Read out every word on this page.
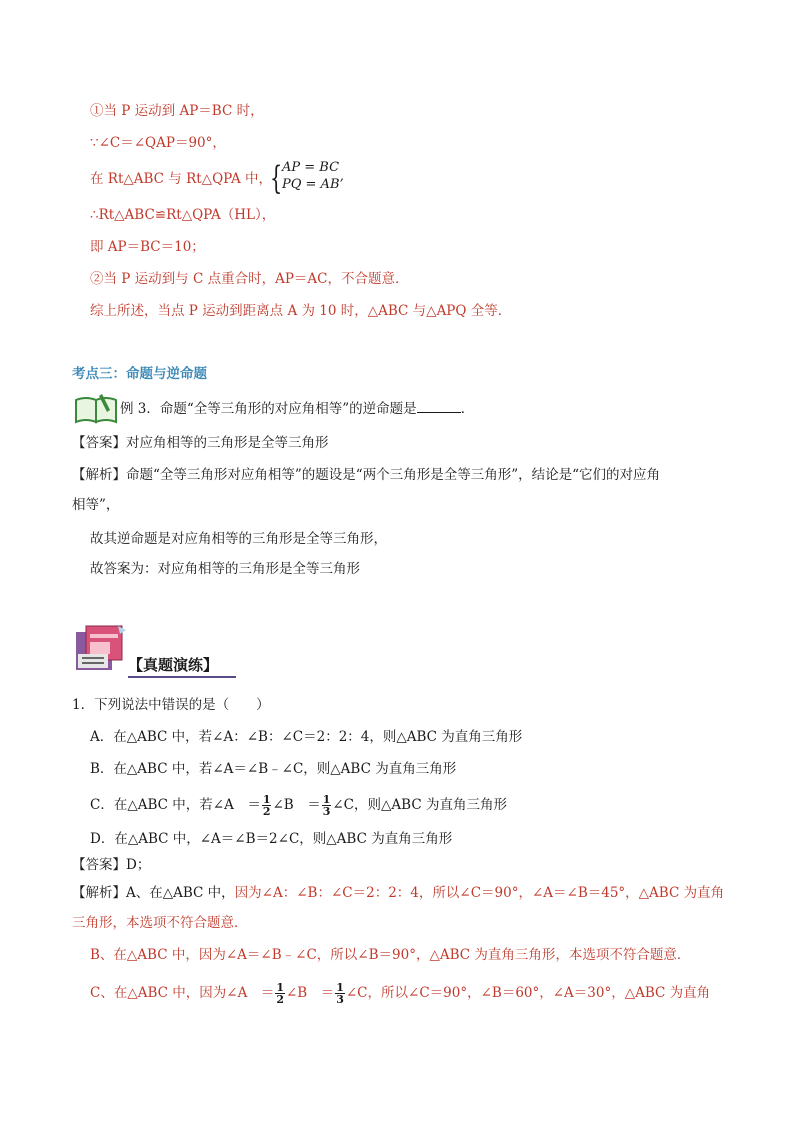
①当 P 运动到 AP＝BC 时，
∵∠C＝∠QAP＝90°，
在 Rt△ABC 与 Rt△QPA 中，
{ AP = BC
PQ = AB’
∴Rt△ABC≌Rt△QPA（HL），
即 AP＝BC＝10；
②当 P 运动到与 C 点重合时，AP＝AC，不合题意．
综上所述，当点 P 运动到距离点 A 为 10 时，△ABC 与△APQ 全等．
考点三：命题与逆命题
例 3．命题“全等三角形的对应角相等”的逆命题是	．
【答案】对应角相等的三角形是全等三角形
【解析】命题“全等三角形对应角相等”的题设是“两个三角形是全等三角形”，结论是“它们的对应角
相等”，
故其逆命题是对应角相等的三角形是全等三角形，
故答案为：对应角相等的三角形是全等三角形
【真题演练】
1．下列说法中错误的是（　　）
A．在△ABC 中，若∠A：∠B：∠C＝2：2：4，则△ABC 为直角三角形
B．在△ABC 中，若∠A＝∠B﹣∠C，则△ABC 为直角三角形
C．在△ABC 中，若∠A　＝ $\frac{1}{2}$ ∠B　＝ $\frac{1}{3}$ ∠C，则△ABC 为直角三角形
D．在△ABC 中，∠A＝∠B＝2∠C，则△ABC 为直角三角形
【答案】D；
【解析】A、在△ABC 中，因为∠A：∠B：∠C＝2：2：4，所以∠C＝90°，∠A＝∠B＝45°，△ABC 为直角
三角形，本选项不符合题意．
B、在△ABC 中，因为∠A＝∠B﹣∠C，所以∠B＝90°，△ABC 为直角三角形，本选项不符合题意．
C、在△ABC 中，因为∠A　＝ $\frac{1}{2}$ ∠B　＝ $\frac{1}{3}$ ∠C，所以∠C＝90°，∠B＝60°，∠A＝30°，△ABC 为直角
